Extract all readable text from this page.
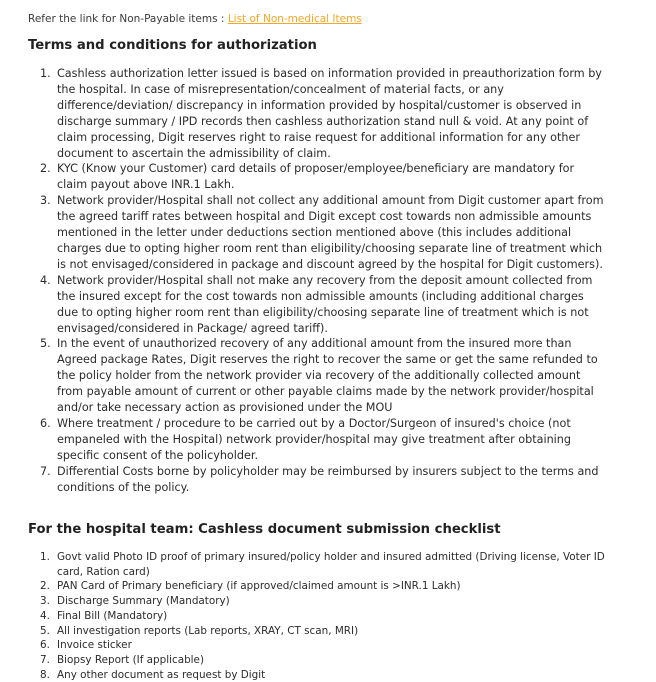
Refer the link for Non-Payable items : List of Non-medical Items
Terms and conditions for authorization
1. Cashless authorization letter issued is based on information provided in preauthorization form by the hospital. In case of misrepresentation/concealment of material facts, or any difference/deviation/ discrepancy in information provided by hospital/customer is observed in discharge summary / IPD records then cashless authorization stand null & void. At any point of claim processing, Digit reserves right to raise request for additional information for any other document to ascertain the admissibility of claim.
2. KYC (Know your Customer) card details of proposer/employee/beneficiary are mandatory for claim payout above INR.1 Lakh.
3. Network provider/Hospital shall not collect any additional amount from Digit customer apart from the agreed tariff rates between hospital and Digit except cost towards non admissible amounts mentioned in the letter under deductions section mentioned above (this includes additional charges due to opting higher room rent than eligibility/choosing separate line of treatment which is not envisaged/considered in package and discount agreed by the hospital for Digit customers).
4. Network provider/Hospital shall not make any recovery from the deposit amount collected from the insured except for the cost towards non admissible amounts (including additional charges due to opting higher room rent than eligibility/choosing separate line of treatment which is not envisaged/considered in Package/ agreed tariff).
5. In the event of unauthorized recovery of any additional amount from the insured more than Agreed package Rates, Digit reserves the right to recover the same or get the same refunded to the policy holder from the network provider via recovery of the additionally collected amount from payable amount of current or other payable claims made by the network provider/hospital and/or take necessary action as provisioned under the MOU
6. Where treatment / procedure to be carried out by a Doctor/Surgeon of insured's choice (not empaneled with the Hospital) network provider/hospital may give treatment after obtaining specific consent of the policyholder.
7. Differential Costs borne by policyholder may be reimbursed by insurers subject to the terms and conditions of the policy.
For the hospital team: Cashless document submission checklist
1. Govt valid Photo ID proof of primary insured/policy holder and insured admitted (Driving license, Voter ID card, Ration card)
2. PAN Card of Primary beneficiary (if approved/claimed amount is >INR.1 Lakh)
3. Discharge Summary (Mandatory)
4. Final Bill (Mandatory)
5. All investigation reports (Lab reports, XRAY, CT scan, MRI)
6. Invoice sticker
7. Biopsy Report (If applicable)
8. Any other document as request by Digit
